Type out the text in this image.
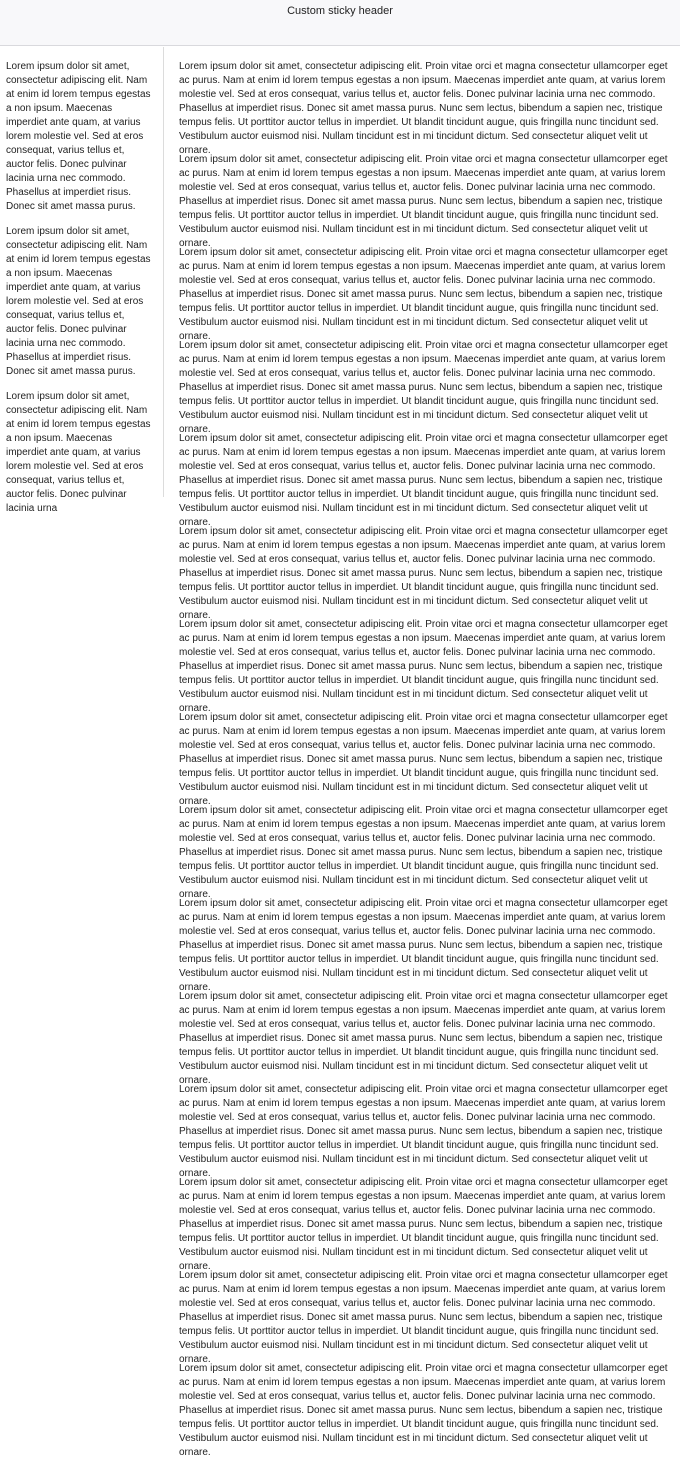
Custom sticky header

Lorem ipsum dolor sit amet, consectetur adipiscing elit. Nam at enim id lorem tempus egestas a non ipsum. Maecenas imperdiet ante quam, at varius lorem molestie vel. Sed at eros consequat, varius tellus et, auctor felis. Donec pulvinar lacinia urna nec commodo. Phasellus at imperdiet risus. Donec sit amet massa purus.

Lorem ipsum dolor sit amet, consectetur adipiscing elit. Nam at enim id lorem tempus egestas a non ipsum. Maecenas imperdiet ante quam, at varius lorem molestie vel. Sed at eros consequat, varius tellus et, auctor felis. Donec pulvinar lacinia urna nec commodo. Phasellus at imperdiet risus. Donec sit amet massa purus.

Lorem ipsum dolor sit amet, consectetur adipiscing elit. Nam at enim id lorem tempus egestas a non ipsum. Maecenas imperdiet ante quam, at varius lorem molestie vel. Sed at eros consequat, varius tellus et, auctor felis. Donec pulvinar lacinia urna

Lorem ipsum dolor sit amet, consectetur adipiscing elit. Proin vitae orci et magna consectetur ullamcorper eget ac purus. Nam at enim id lorem tempus egestas a non ipsum. Maecenas imperdiet ante quam, at varius lorem molestie vel. Sed at eros consequat, varius tellus et, auctor felis. Donec pulvinar lacinia urna nec commodo. Phasellus at imperdiet risus. Donec sit amet massa purus. Nunc sem lectus, bibendum a sapien nec, tristique tempus felis. Ut porttitor auctor tellus in imperdiet. Ut blandit tincidunt augue, quis fringilla nunc tincidunt sed. Vestibulum auctor euismod nisi. Nullam tincidunt est in mi tincidunt dictum. Sed consectetur aliquet velit ut ornare.

Lorem ipsum dolor sit amet, consectetur adipiscing elit. Proin vitae orci et magna consectetur ullamcorper eget ac purus. Nam at enim id lorem tempus egestas a non ipsum. Maecenas imperdiet ante quam, at varius lorem molestie vel. Sed at eros consequat, varius tellus et, auctor felis. Donec pulvinar lacinia urna nec commodo. Phasellus at imperdiet risus. Donec sit amet massa purus. Nunc sem lectus, bibendum a sapien nec, tristique tempus felis. Ut porttitor auctor tellus in imperdiet. Ut blandit tincidunt augue, quis fringilla nunc tincidunt sed. Vestibulum auctor euismod nisi. Nullam tincidunt est in mi tincidunt dictum. Sed consectetur aliquet velit ut ornare.

Lorem ipsum dolor sit amet, consectetur adipiscing elit. Proin vitae orci et magna consectetur ullamcorper eget ac purus. Nam at enim id lorem tempus egestas a non ipsum. Maecenas imperdiet ante quam, at varius lorem molestie vel. Sed at eros consequat, varius tellus et, auctor felis. Donec pulvinar lacinia urna nec commodo. Phasellus at imperdiet risus. Donec sit amet massa purus. Nunc sem lectus, bibendum a sapien nec, tristique tempus felis. Ut porttitor auctor tellus in imperdiet. Ut blandit tincidunt augue, quis fringilla nunc tincidunt sed. Vestibulum auctor euismod nisi. Nullam tincidunt est in mi tincidunt dictum. Sed consectetur aliquet velit ut ornare.

Lorem ipsum dolor sit amet, consectetur adipiscing elit. Proin vitae orci et magna consectetur ullamcorper eget ac purus. Nam at enim id lorem tempus egestas a non ipsum. Maecenas imperdiet ante quam, at varius lorem molestie vel. Sed at eros consequat, varius tellus et, auctor felis. Donec pulvinar lacinia urna nec commodo. Phasellus at imperdiet risus. Donec sit amet massa purus. Nunc sem lectus, bibendum a sapien nec, tristique tempus felis. Ut porttitor auctor tellus in imperdiet. Ut blandit tincidunt augue, quis fringilla nunc tincidunt sed. Vestibulum auctor euismod nisi. Nullam tincidunt est in mi tincidunt dictum. Sed consectetur aliquet velit ut ornare.

Lorem ipsum dolor sit amet, consectetur adipiscing elit. Proin vitae orci et magna consectetur ullamcorper eget ac purus. Nam at enim id lorem tempus egestas a non ipsum. Maecenas imperdiet ante quam, at varius lorem molestie vel. Sed at eros consequat, varius tellus et, auctor felis. Donec pulvinar lacinia urna nec commodo. Phasellus at imperdiet risus. Donec sit amet massa purus. Nunc sem lectus, bibendum a sapien nec, tristique tempus felis. Ut porttitor auctor tellus in imperdiet. Ut blandit tincidunt augue, quis fringilla nunc tincidunt sed. Vestibulum auctor euismod nisi. Nullam tincidunt est in mi tincidunt dictum. Sed consectetur aliquet velit ut ornare.

Lorem ipsum dolor sit amet, consectetur adipiscing elit. Proin vitae orci et magna consectetur ullamcorper eget ac purus. Nam at enim id lorem tempus egestas a non ipsum. Maecenas imperdiet ante quam, at varius lorem molestie vel. Sed at eros consequat, varius tellus et, auctor felis. Donec pulvinar lacinia urna nec commodo. Phasellus at imperdiet risus. Donec sit amet massa purus. Nunc sem lectus, bibendum a sapien nec, tristique tempus felis. Ut porttitor auctor tellus in imperdiet. Ut blandit tincidunt augue, quis fringilla nunc tincidunt sed. Vestibulum auctor euismod nisi. Nullam tincidunt est in mi tincidunt dictum. Sed consectetur aliquet velit ut ornare.

Lorem ipsum dolor sit amet, consectetur adipiscing elit. Proin vitae orci et magna consectetur ullamcorper eget ac purus. Nam at enim id lorem tempus egestas a non ipsum. Maecenas imperdiet ante quam, at varius lorem molestie vel. Sed at eros consequat, varius tellus et, auctor felis. Donec pulvinar lacinia urna nec commodo. Phasellus at imperdiet risus. Donec sit amet massa purus. Nunc sem lectus, bibendum a sapien nec, tristique tempus felis. Ut porttitor auctor tellus in imperdiet. Ut blandit tincidunt augue, quis fringilla nunc tincidunt sed. Vestibulum auctor euismod nisi. Nullam tincidunt est in mi tincidunt dictum. Sed consectetur aliquet velit ut ornare.

Lorem ipsum dolor sit amet, consectetur adipiscing elit. Proin vitae orci et magna consectetur ullamcorper eget ac purus. Nam at enim id lorem tempus egestas a non ipsum. Maecenas imperdiet ante quam, at varius lorem molestie vel. Sed at eros consequat, varius tellus et, auctor felis. Donec pulvinar lacinia urna nec commodo. Phasellus at imperdiet risus. Donec sit amet massa purus. Nunc sem lectus, bibendum a sapien nec, tristique tempus felis. Ut porttitor auctor tellus in imperdiet. Ut blandit tincidunt augue, quis fringilla nunc tincidunt sed. Vestibulum auctor euismod nisi. Nullam tincidunt est in mi tincidunt dictum. Sed consectetur aliquet velit ut ornare.

Lorem ipsum dolor sit amet, consectetur adipiscing elit. Proin vitae orci et magna consectetur ullamcorper eget ac purus. Nam at enim id lorem tempus egestas a non ipsum. Maecenas imperdiet ante quam, at varius lorem molestie vel. Sed at eros consequat, varius tellus et, auctor felis. Donec pulvinar lacinia urna nec commodo. Phasellus at imperdiet risus. Donec sit amet massa purus. Nunc sem lectus, bibendum a sapien nec, tristique tempus felis. Ut porttitor auctor tellus in imperdiet. Ut blandit tincidunt augue, quis fringilla nunc tincidunt sed. Vestibulum auctor euismod nisi. Nullam tincidunt est in mi tincidunt dictum. Sed consectetur aliquet velit ut ornare.

Lorem ipsum dolor sit amet, consectetur adipiscing elit. Proin vitae orci et magna consectetur ullamcorper eget ac purus. Nam at enim id lorem tempus egestas a non ipsum. Maecenas imperdiet ante quam, at varius lorem molestie vel. Sed at eros consequat, varius tellus et, auctor felis. Donec pulvinar lacinia urna nec commodo. Phasellus at imperdiet risus. Donec sit amet massa purus. Nunc sem lectus, bibendum a sapien nec, tristique tempus felis. Ut porttitor auctor tellus in imperdiet. Ut blandit tincidunt augue, quis fringilla nunc tincidunt sed. Vestibulum auctor euismod nisi. Nullam tincidunt est in mi tincidunt dictum. Sed consectetur aliquet velit ut ornare.

Lorem ipsum dolor sit amet, consectetur adipiscing elit. Proin vitae orci et magna consectetur ullamcorper eget ac purus. Nam at enim id lorem tempus egestas a non ipsum. Maecenas imperdiet ante quam, at varius lorem molestie vel. Sed at eros consequat, varius tellus et, auctor felis. Donec pulvinar lacinia urna nec commodo. Phasellus at imperdiet risus. Donec sit amet massa purus. Nunc sem lectus, bibendum a sapien nec, tristique tempus felis. Ut porttitor auctor tellus in imperdiet. Ut blandit tincidunt augue, quis fringilla nunc tincidunt sed. Vestibulum auctor euismod nisi. Nullam tincidunt est in mi tincidunt dictum. Sed consectetur aliquet velit ut ornare.

Lorem ipsum dolor sit amet, consectetur adipiscing elit. Proin vitae orci et magna consectetur ullamcorper eget ac purus. Nam at enim id lorem tempus egestas a non ipsum. Maecenas imperdiet ante quam, at varius lorem molestie vel. Sed at eros consequat, varius tellus et, auctor felis. Donec pulvinar lacinia urna nec commodo. Phasellus at imperdiet risus. Donec sit amet massa purus. Nunc sem lectus, bibendum a sapien nec, tristique tempus felis. Ut porttitor auctor tellus in imperdiet. Ut blandit tincidunt augue, quis fringilla nunc tincidunt sed. Vestibulum auctor euismod nisi. Nullam tincidunt est in mi tincidunt dictum. Sed consectetur aliquet velit ut ornare.

Lorem ipsum dolor sit amet, consectetur adipiscing elit. Proin vitae orci et magna consectetur ullamcorper eget ac purus. Nam at enim id lorem tempus egestas a non ipsum. Maecenas imperdiet ante quam, at varius lorem molestie vel. Sed at eros consequat, varius tellus et, auctor felis. Donec pulvinar lacinia urna nec commodo. Phasellus at imperdiet risus. Donec sit amet massa purus. Nunc sem lectus, bibendum a sapien nec, tristique tempus felis. Ut porttitor auctor tellus in imperdiet. Ut blandit tincidunt augue, quis fringilla nunc tincidunt sed. Vestibulum auctor euismod nisi. Nullam tincidunt est in mi tincidunt dictum. Sed consectetur aliquet velit ut ornare.

Lorem ipsum dolor sit amet, consectetur adipiscing elit. Proin vitae orci et magna consectetur ullamcorper eget ac purus. Nam at enim id lorem tempus egestas a non ipsum. Maecenas imperdiet ante quam, at varius lorem molestie vel. Sed at eros consequat, varius tellus et, auctor felis. Donec pulvinar lacinia urna nec commodo. Phasellus at imperdiet risus. Donec sit amet massa purus. Nunc sem lectus, bibendum a sapien nec, tristique tempus felis. Ut porttitor auctor tellus in imperdiet. Ut blandit tincidunt augue, quis fringilla nunc tincidunt sed. Vestibulum auctor euismod nisi. Nullam tincidunt est in mi tincidunt dictum. Sed consectetur aliquet velit ut ornare.

Lorem ipsum dolor sit amet, consectetur adipiscing elit. Proin vitae orci et magna consectetur ullamcorper eget ac purus. Nam at enim id lorem tempus egestas a non ipsum. Maecenas imperdiet ante quam, at varius lorem molestie vel. Sed at eros consequat, varius tellus et, auctor felis. Donec pulvinar lacinia urna nec commodo. Phasellus at imperdiet risus. Donec sit amet massa purus. Nunc sem lectus, bibendum a sapien nec, tristique tempus felis. Ut porttitor auctor tellus in imperdiet. Ut blandit tincidunt augue, quis fringilla nunc tincidunt sed. Vestibulum auctor euismod nisi. Nullam tincidunt est in mi tincidunt dictum. Sed consectetur aliquet velit ut ornare.
